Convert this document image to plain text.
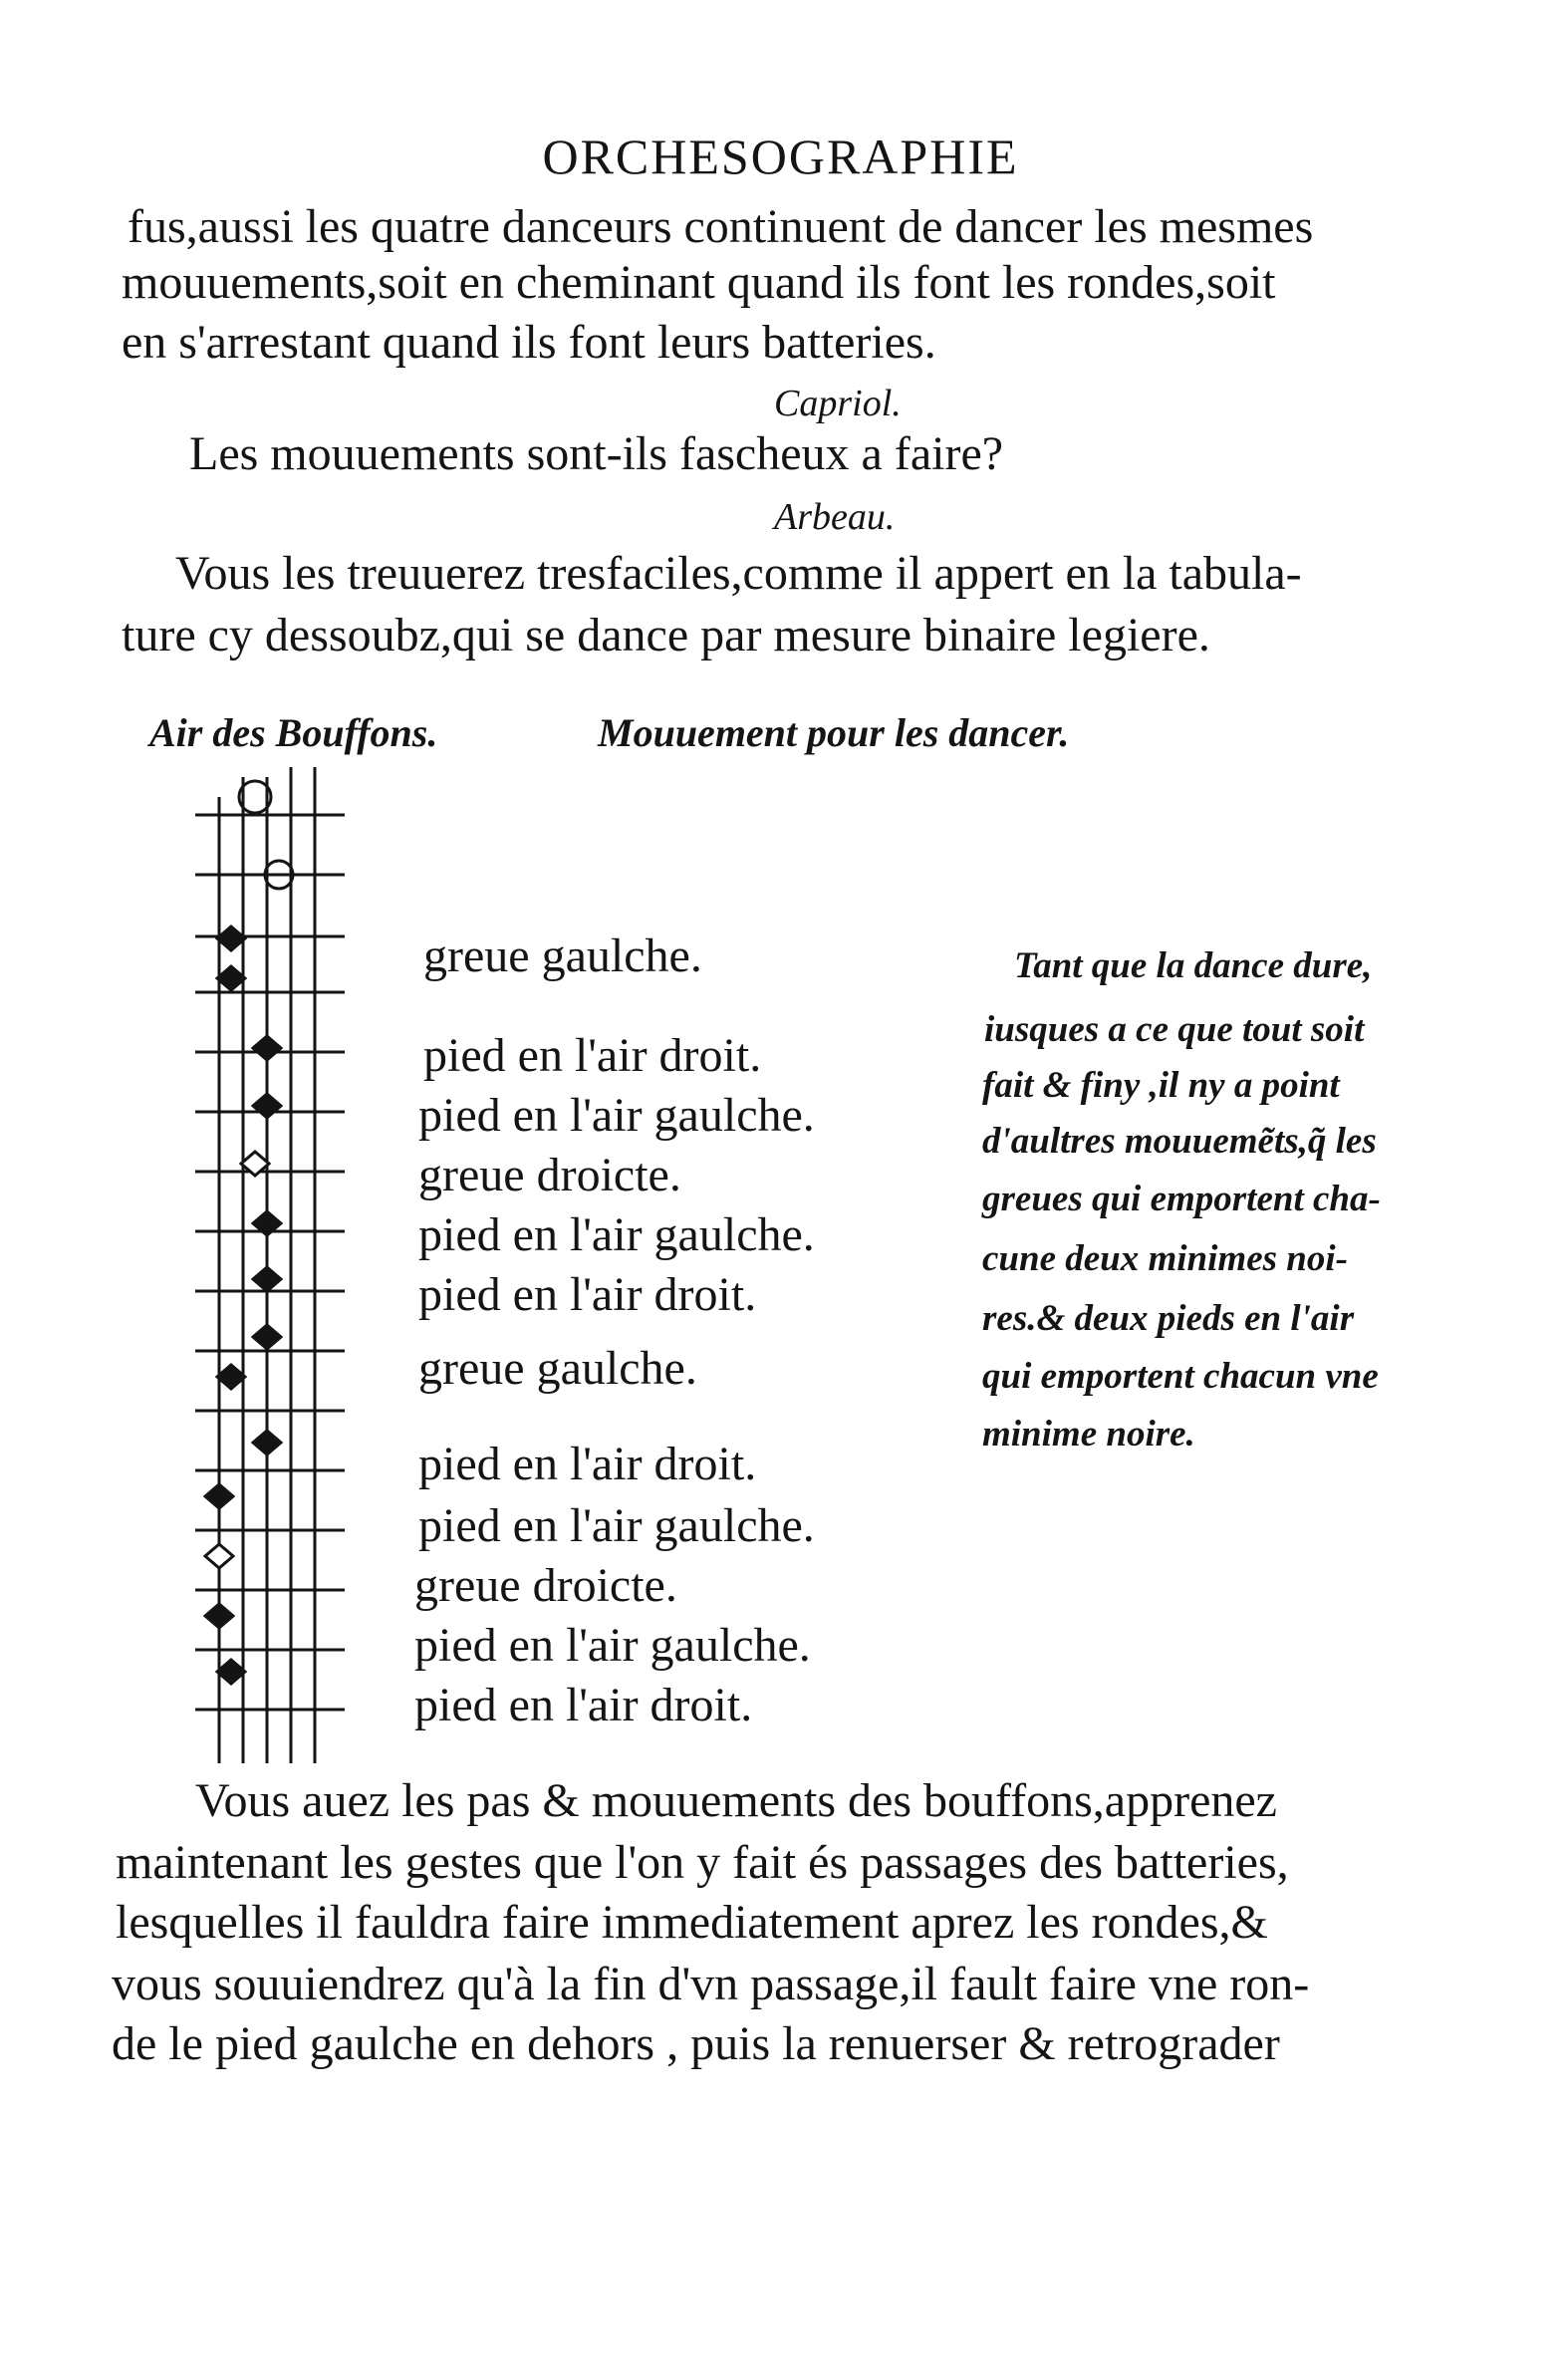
ORCHESOGRAPHIE
fus,aussi les quatre danceurs continuent de dancer les mesmes
mouuements,soit en cheminant quand ils font les rondes,soit
en s'arrestant quand ils font leurs batteries.
Capriol.
Les mouuements sont-ils fascheux a faire?
Arbeau.
Vous les treuuerez tresfaciles,comme il appert en la tabula-
ture cy dessoubz,qui se dance par mesure binaire legiere.
Air des Bouffons.	Mouuement pour les dancer.
greue gaulche.
pied en l'air droit.
pied en l'air gaulche.
greue droicte.
pied en l'air gaulche.
pied en l'air droit.
greue gaulche.
pied en l'air droit.
pied en l'air gaulche.
greue droicte.
pied en l'air gaulche.
pied en l'air droit.
Tant que la dance dure,
iusques a ce que tout soit
fait & finy ,il ny a point
d'aultres mouuemẽts,q̃ les
greues qui emportent cha-
cune deux minimes noi-
res.& deux pieds en l'air
qui emportent chacun vne
minime noire.
Vous auez les pas & mouuements des bouffons,apprenez
maintenant les gestes que l'on y fait és passages des batteries,
lesquelles il fauldra faire immediatement aprez les rondes,&
vous souuiendrez qu'à la fin d'vn passage,il fault faire vne ron-
de le pied gaulche en dehors , puis la renuerser & retrograder
